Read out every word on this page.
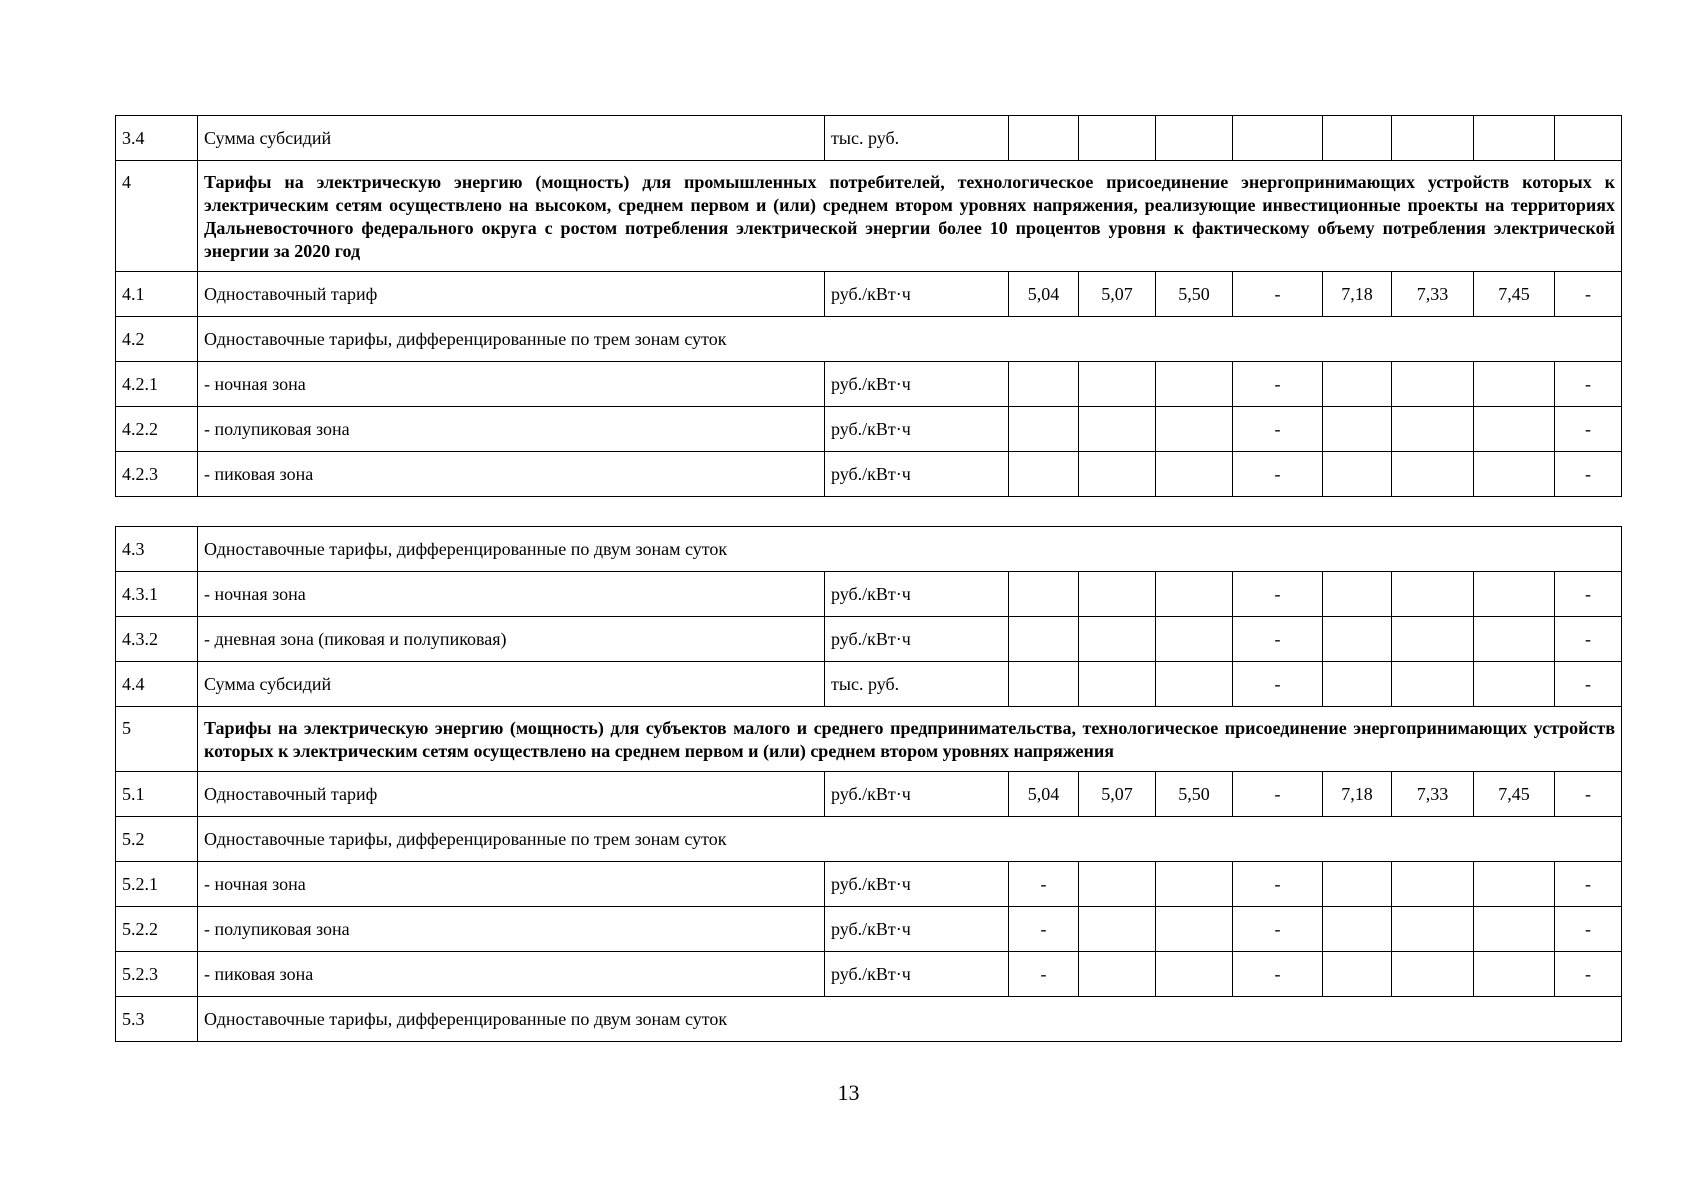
3.4	Сумма субсидий	тыс. руб.								
4	Тарифы на электрическую энергию (мощность) для промышленных потребителей, технологическое присоединение энергопринимающих устройств которых к электрическим сетям осуществлено на высоком, среднем первом и (или) среднем втором уровнях напряжения, реализующие инвестиционные проекты на территориях Дальневосточного федерального округа с ростом потребления электрической энергии более 10 процентов уровня к фактическому объему потребления электрической энергии за 2020 год									
4.1	Одноставочный тариф	руб./кВт·ч	5,04	5,07	5,50	-	7,18	7,33	7,45	-
4.2	Одноставочные тарифы, дифференцированные по трем зонам суток									
4.2.1	- ночная зона	руб./кВт·ч				-				-
4.2.2	- полупиковая зона	руб./кВт·ч				-				-
4.2.3	- пиковая зона	руб./кВт·ч				-				-
4.3	Одноставочные тарифы, дифференцированные по двум зонам суток									
4.3.1	- ночная зона	руб./кВт·ч				-				-
4.3.2	- дневная зона (пиковая и полупиковая)	руб./кВт·ч				-				-
4.4	Сумма субсидий	тыс. руб.				-				-
5	Тарифы на электрическую энергию (мощность) для субъектов малого и среднего предпринимательства, технологическое присоединение энергопринимающих устройств которых к электрическим сетям осуществлено на среднем первом и (или) среднем втором уровнях напряжения									
5.1	Одноставочный тариф	руб./кВт·ч	5,04	5,07	5,50	-	7,18	7,33	7,45	-
5.2	Одноставочные тарифы, дифференцированные по трем зонам суток									
5.2.1	- ночная зона	руб./кВт·ч	-			-				-
5.2.2	- полупиковая зона	руб./кВт·ч	-			-				-
5.2.3	- пиковая зона	руб./кВт·ч	-			-				-
5.3	Одноставочные тарифы, дифференцированные по двум зонам суток									
13
